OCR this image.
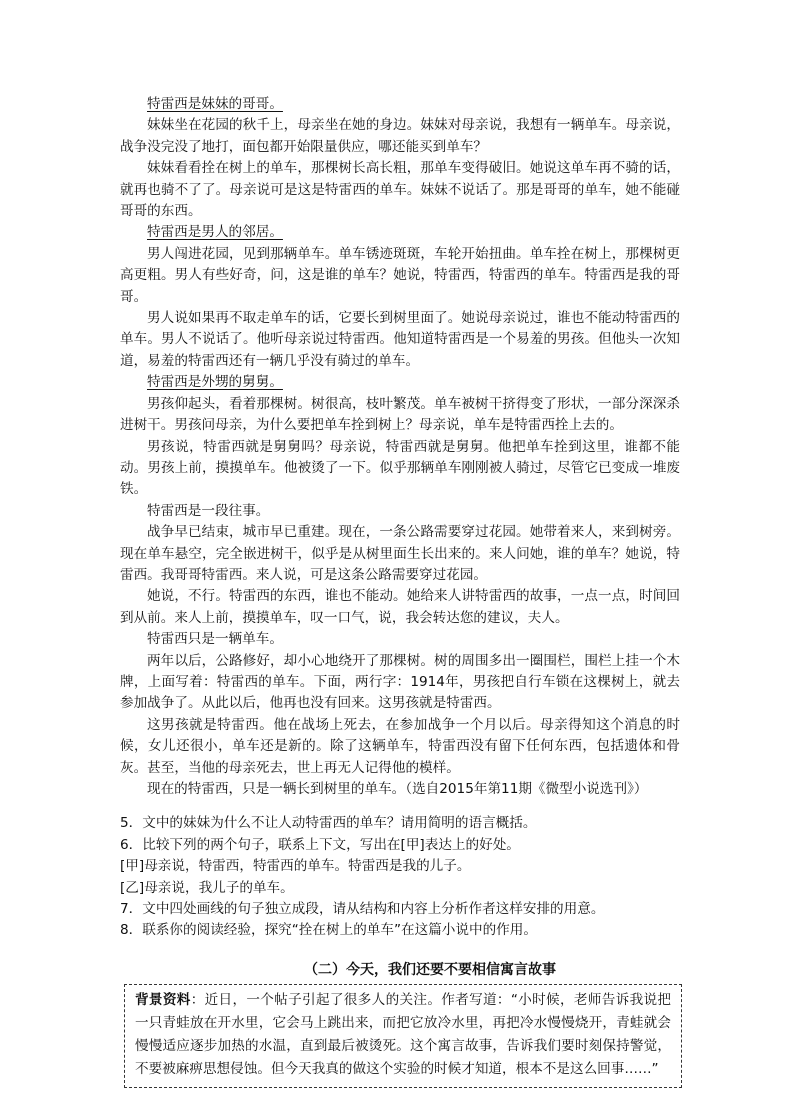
特雷西是妹妹的哥哥。

妹妹坐在花园的秋千上，母亲坐在她的身边。妹妹对母亲说，我想有一辆单车。母亲说，战争没完没了地打，面包都开始限量供应，哪还能买到单车？

妹妹看看拴在树上的单车，那棵树长高长粗，那单车变得破旧。她说这单车再不骑的话，就再也骑不了了。母亲说可是这是特雷西的单车。妹妹不说话了。那是哥哥的单车，她不能碰哥哥的东西。

特雷西是男人的邻居。

男人闯进花园，见到那辆单车。单车锈迹斑斑，车轮开始扭曲。单车拴在树上，那棵树更高更粗。男人有些好奇，问，这是谁的单车？她说，特雷西，特雷西的单车。特雷西是我的哥哥。

男人说如果再不取走单车的话，它要长到树里面了。她说母亲说过，谁也不能动特雷西的单车。男人不说话了。他听母亲说过特雷西。他知道特雷西是一个易羞的男孩。但他头一次知道，易羞的特雷西还有一辆几乎没有骑过的单车。

特雷西是外甥的舅舅。

男孩仰起头，看着那棵树。树很高，枝叶繁茂。单车被树干挤得变了形状，一部分深深杀进树干。男孩问母亲，为什么要把单车拴到树上？母亲说，单车是特雷西拴上去的。

男孩说，特雷西就是舅舅吗？母亲说，特雷西就是舅舅。他把单车拴到这里，谁都不能动。男孩上前，摸摸单车。他被烫了一下。似乎那辆单车刚刚被人骑过，尽管它已变成一堆废铁。

特雷西是一段往事。

战争早已结束，城市早已重建。现在，一条公路需要穿过花园。她带着来人，来到树旁。现在单车悬空，完全嵌进树干，似乎是从树里面生长出来的。来人问她，谁的单车？她说，特雷西。我哥哥特雷西。来人说，可是这条公路需要穿过花园。

她说，不行。特雷西的东西，谁也不能动。她给来人讲特雷西的故事，一点一点，时间回到从前。来人上前，摸摸单车，叹一口气，说，我会转达您的建议，夫人。

特雷西只是一辆单车。

两年以后，公路修好，却小心地绕开了那棵树。树的周围多出一圈围栏，围栏上挂一个木牌，上面写着：特雷西的单车。下面，两行字：1914年，男孩把自行车锁在这棵树上，就去参加战争了。从此以后，他再也没有回来。这男孩就是特雷西。

这男孩就是特雷西。他在战场上死去，在参加战争一个月以后。母亲得知这个消息的时候，女儿还很小，单车还是新的。除了这辆单车，特雷西没有留下任何东西，包括遗体和骨灰。甚至，当他的母亲死去，世上再无人记得他的模样。

现在的特雷西，只是一辆长到树里的单车。（选自2015年第11期《微型小说选刊》）

5．文中的妹妹为什么不让人动特雷西的单车？请用简明的语言概括。

6．比较下列的两个句子，联系上下文，写出在[甲]表达上的好处。

[甲]母亲说，特雷西，特雷西的单车。特雷西是我的儿子。

[乙]母亲说，我儿子的单车。

7．文中四处画线的句子独立成段，请从结构和内容上分析作者这样安排的用意。

8．联系你的阅读经验，探究“拴在树上的单车”在这篇小说中的作用。

（二）今天，我们还要不要相信寓言故事

背景资料：近日，一个帖子引起了很多人的关注。作者写道：“小时候，老师告诉我说把一只青蛙放在开水里，它会马上跳出来，而把它放冷水里，再把冷水慢慢烧开，青蛙就会慢慢适应逐步加热的水温，直到最后被烫死。这个寓言故事，告诉我们要时刻保持警觉，不要被麻痹思想侵蚀。但今天我真的做这个实验的时候才知道，根本不是这么回事……”
